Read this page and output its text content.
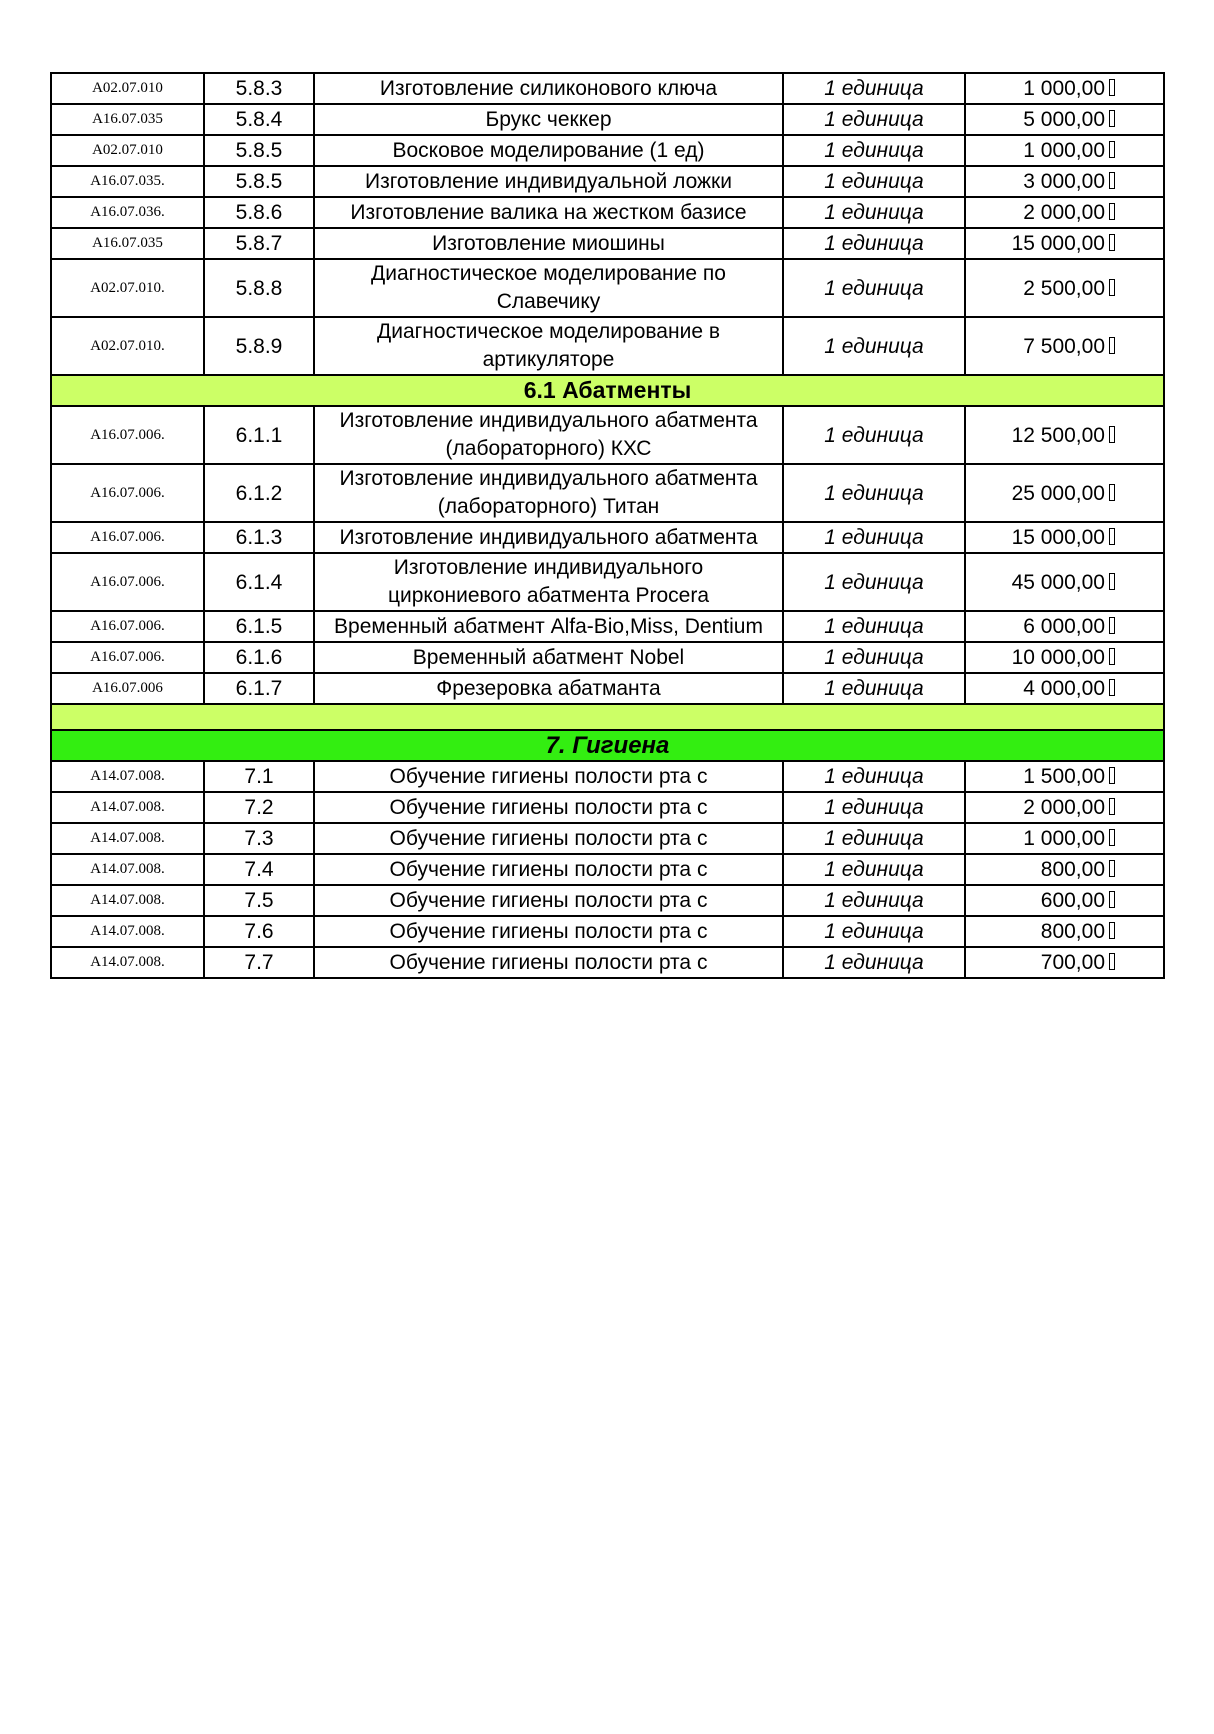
A02.07.010	5.8.3	Изготовление силиконового ключа	1 единица	1 000,00
A16.07.035	5.8.4	Брукс чеккер	1 единица	5 000,00
A02.07.010	5.8.5	Восковое моделирование (1 ед)	1 единица	1 000,00
A16.07.035.	5.8.5	Изготовление индивидуальной ложки	1 единица	3 000,00
A16.07.036.	5.8.6	Изготовление валика на жестком базисе	1 единица	2 000,00
A16.07.035	5.8.7	Изготовление миошины	1 единица	15 000,00
A02.07.010.	5.8.8	Диагностическое моделирование по
Славечику	1 единица	2 500,00
A02.07.010.	5.8.9	Диагностическое моделирование в
артикуляторе	1 единица	7 500,00
6.1 Абатменты				
A16.07.006.	6.1.1	Изготовление индивидуального абатмента
(лабораторного) КХС	1 единица	12 500,00
A16.07.006.	6.1.2	Изготовление индивидуального абатмента
(лабораторного) Титан	1 единица	25 000,00
A16.07.006.	6.1.3	Изготовление индивидуального абатмента	1 единица	15 000,00
A16.07.006.	6.1.4	Изготовление индивидуального
циркониевого абатмента Procera	1 единица	45 000,00
A16.07.006.	6.1.5	Временный абатмент Alfa-Bio,Miss, Dentium	1 единица	6 000,00
A16.07.006.	6.1.6	Временный абатмент Nobel	1 единица	10 000,00
A16.07.006	6.1.7	Фрезеровка абатманта	1 единица	4 000,00

7. Гигиена				
A14.07.008.	7.1	Обучение гигиены полости рта с	1 единица	1 500,00
A14.07.008.	7.2	Обучение гигиены полости рта с	1 единица	2 000,00
A14.07.008.	7.3	Обучение гигиены полости рта с	1 единица	1 000,00
A14.07.008.	7.4	Обучение гигиены полости рта с	1 единица	800,00
A14.07.008.	7.5	Обучение гигиены полости рта с	1 единица	600,00
A14.07.008.	7.6	Обучение гигиены полости рта с	1 единица	800,00
A14.07.008.	7.7	Обучение гигиены полости рта с	1 единица	700,00
